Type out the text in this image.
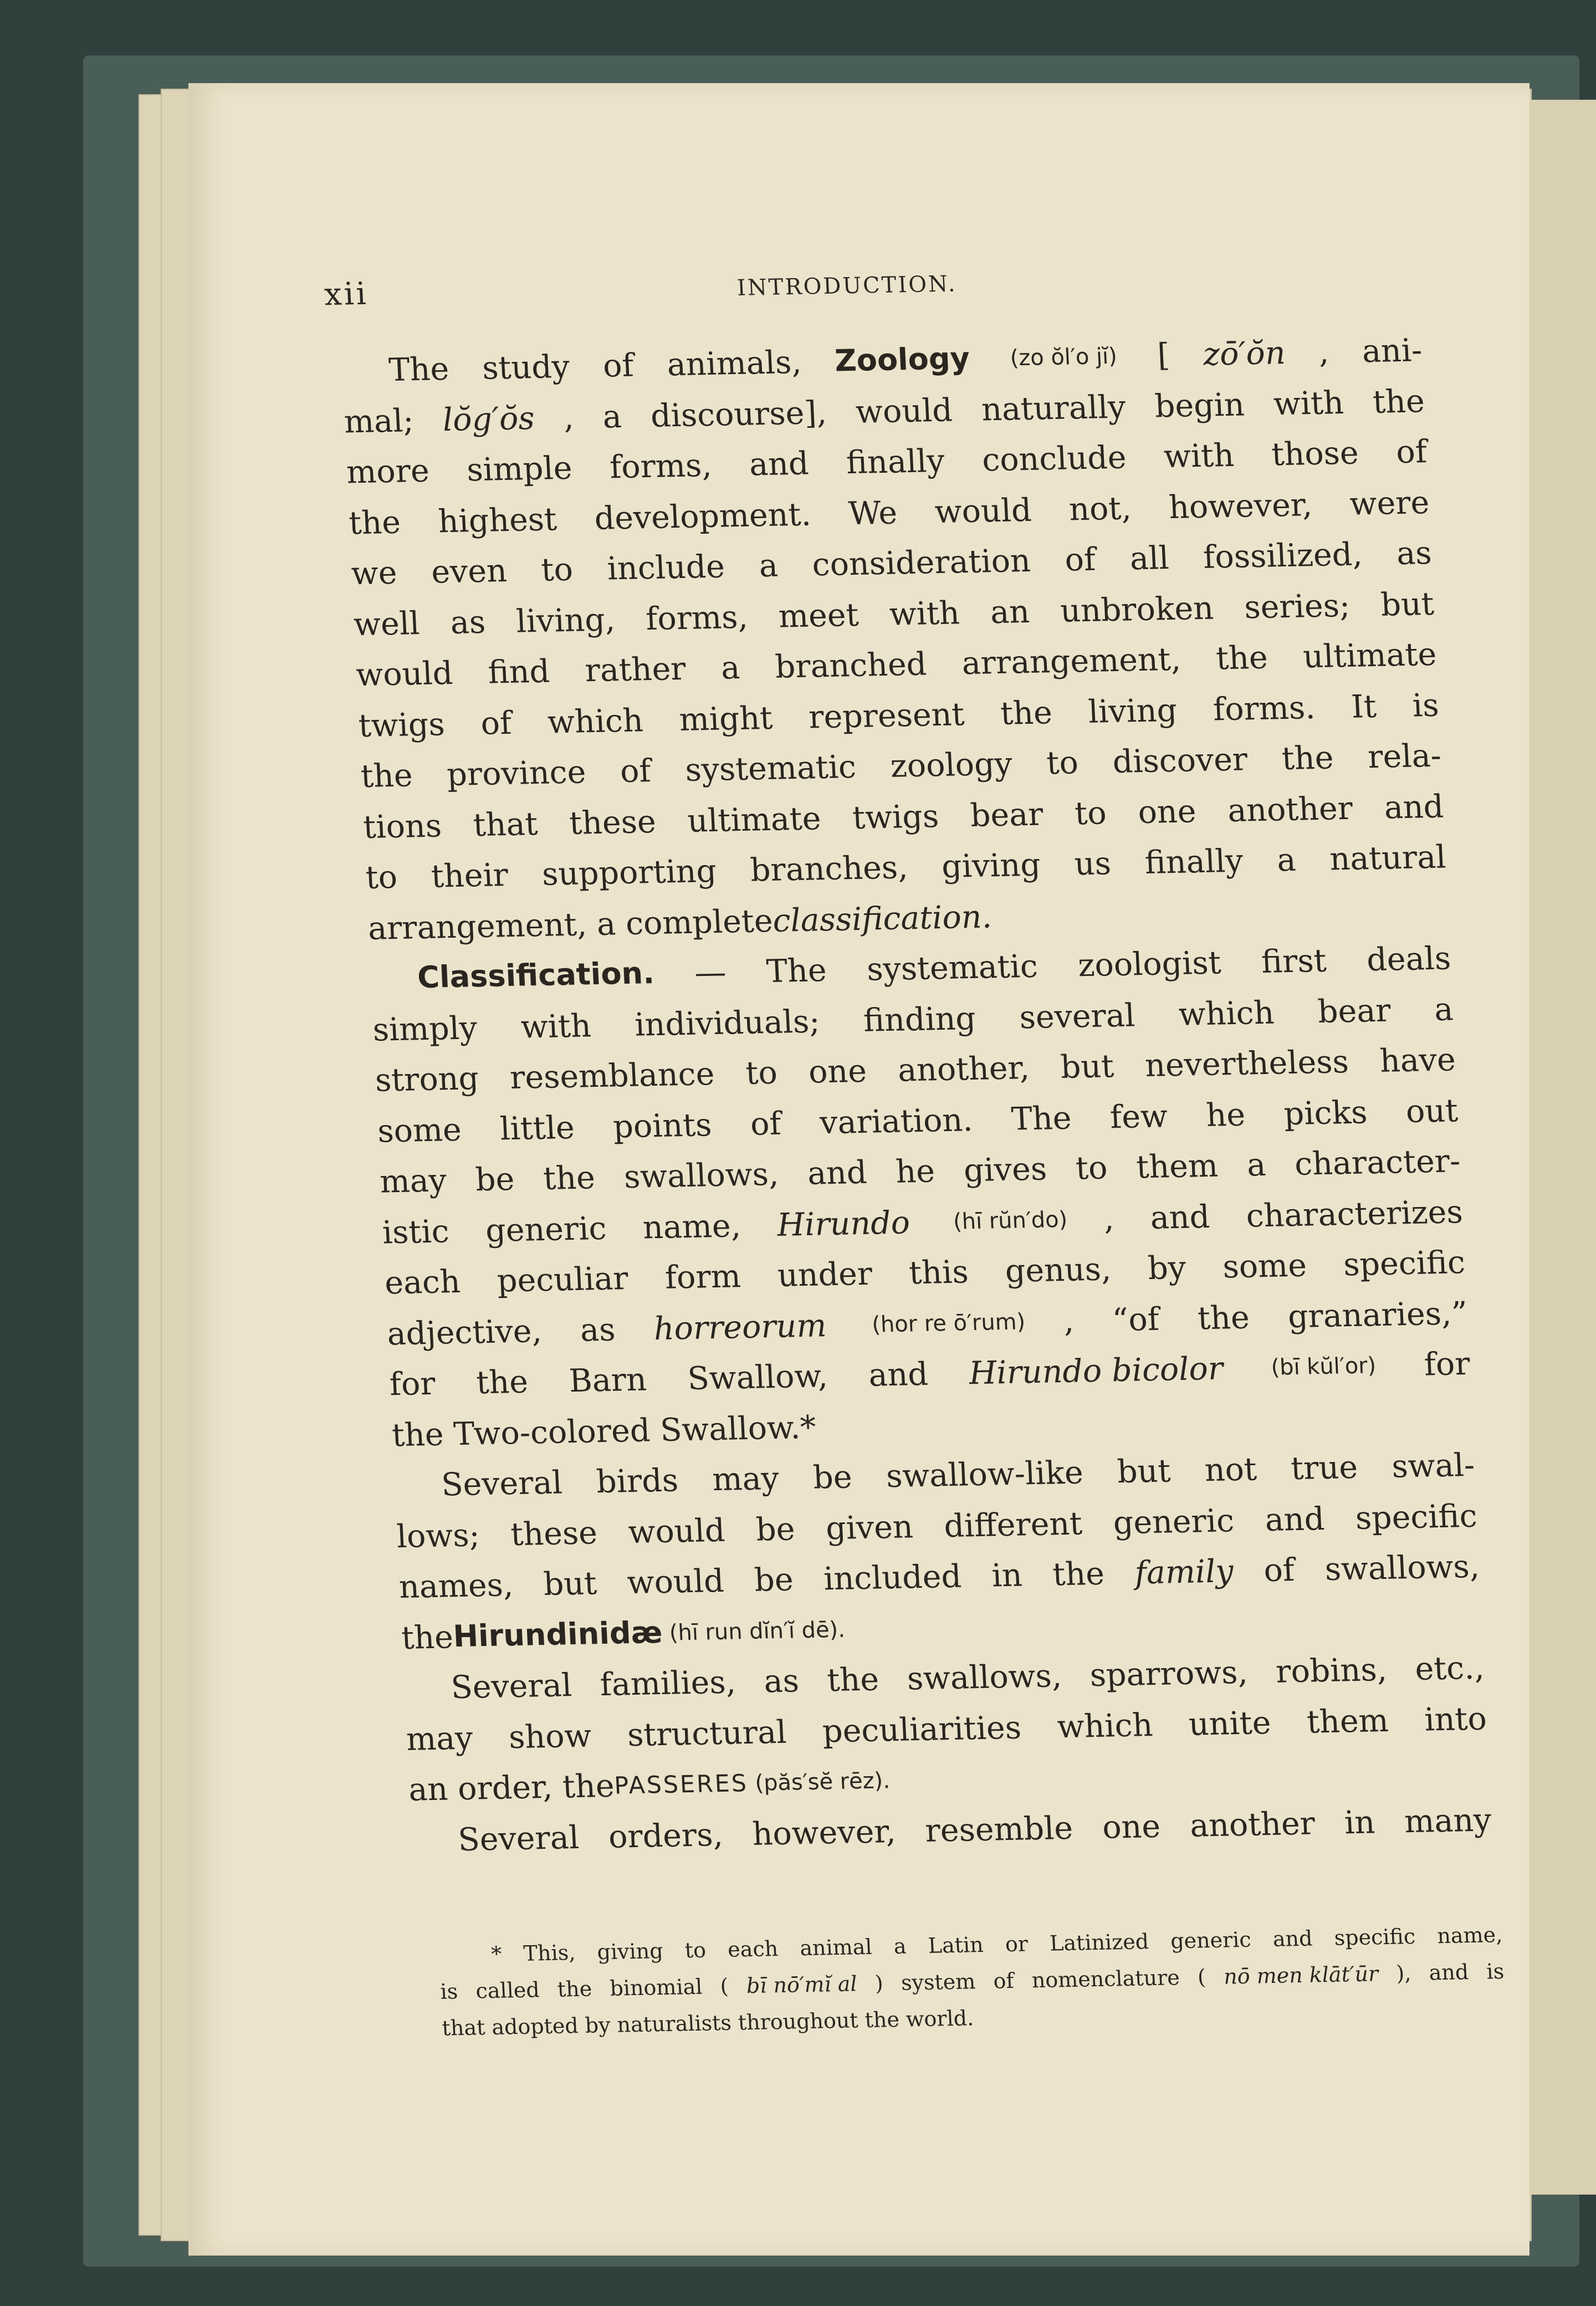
xii	INTRODUCTION.
The study of animals, Zoology (zo ŏl′o jĭ) [ zō′ŏn , ani-
mal; lŏg′ŏs , a discourse], would naturally begin with the
more simple forms, and finally conclude with those of
the highest development. We would not, however, were
we even to include a consideration of all fossilized, as
well as living, forms, meet with an unbroken series; but
would find rather a branched arrangement, the ultimate
twigs of which might represent the living forms. It is
the province of systematic zoology to discover the rela-
tions that these ultimate twigs bear to one another and
to their supporting branches, giving us finally a natural
arrangement,
a
complete
classification.
Classification. — The systematic zoologist first deals
simply with individuals; finding several which bear a
strong resemblance to one another, but nevertheless have
some little points of variation. The few he picks out
may be the swallows, and he gives to them a character-
istic generic name, Hirundo (hī rŭn′do) , and characterizes
each peculiar form under this genus, by some specific
adjective, as horreorum (hor re ō′rum) , “of the granaries,”
for the Barn Swallow, and Hirundo bicolor (bī kŭl′or) for
the
Two-colored
Swallow.*
Several birds may be swallow-like but not true swal-
lows; these would be given different generic and specific
names, but would be included in the family of swallows,
the
Hirundinidæ
(hī run dĭn′ĭ dē).
Several families, as the swallows, sparrows, robins, etc.,
may show structural peculiarities which unite them into
an
order,
the
PASSERES
(păs′sĕ rēz).
Several orders, however, resemble one another in many
* This, giving to each animal a Latin or Latinized generic and specific name,
is called the binomial ( bī nō′mĭ al ) system of nomenclature ( nō men klāt′ūr ), and is
that
adopted
by
naturalists
throughout
the
world.
